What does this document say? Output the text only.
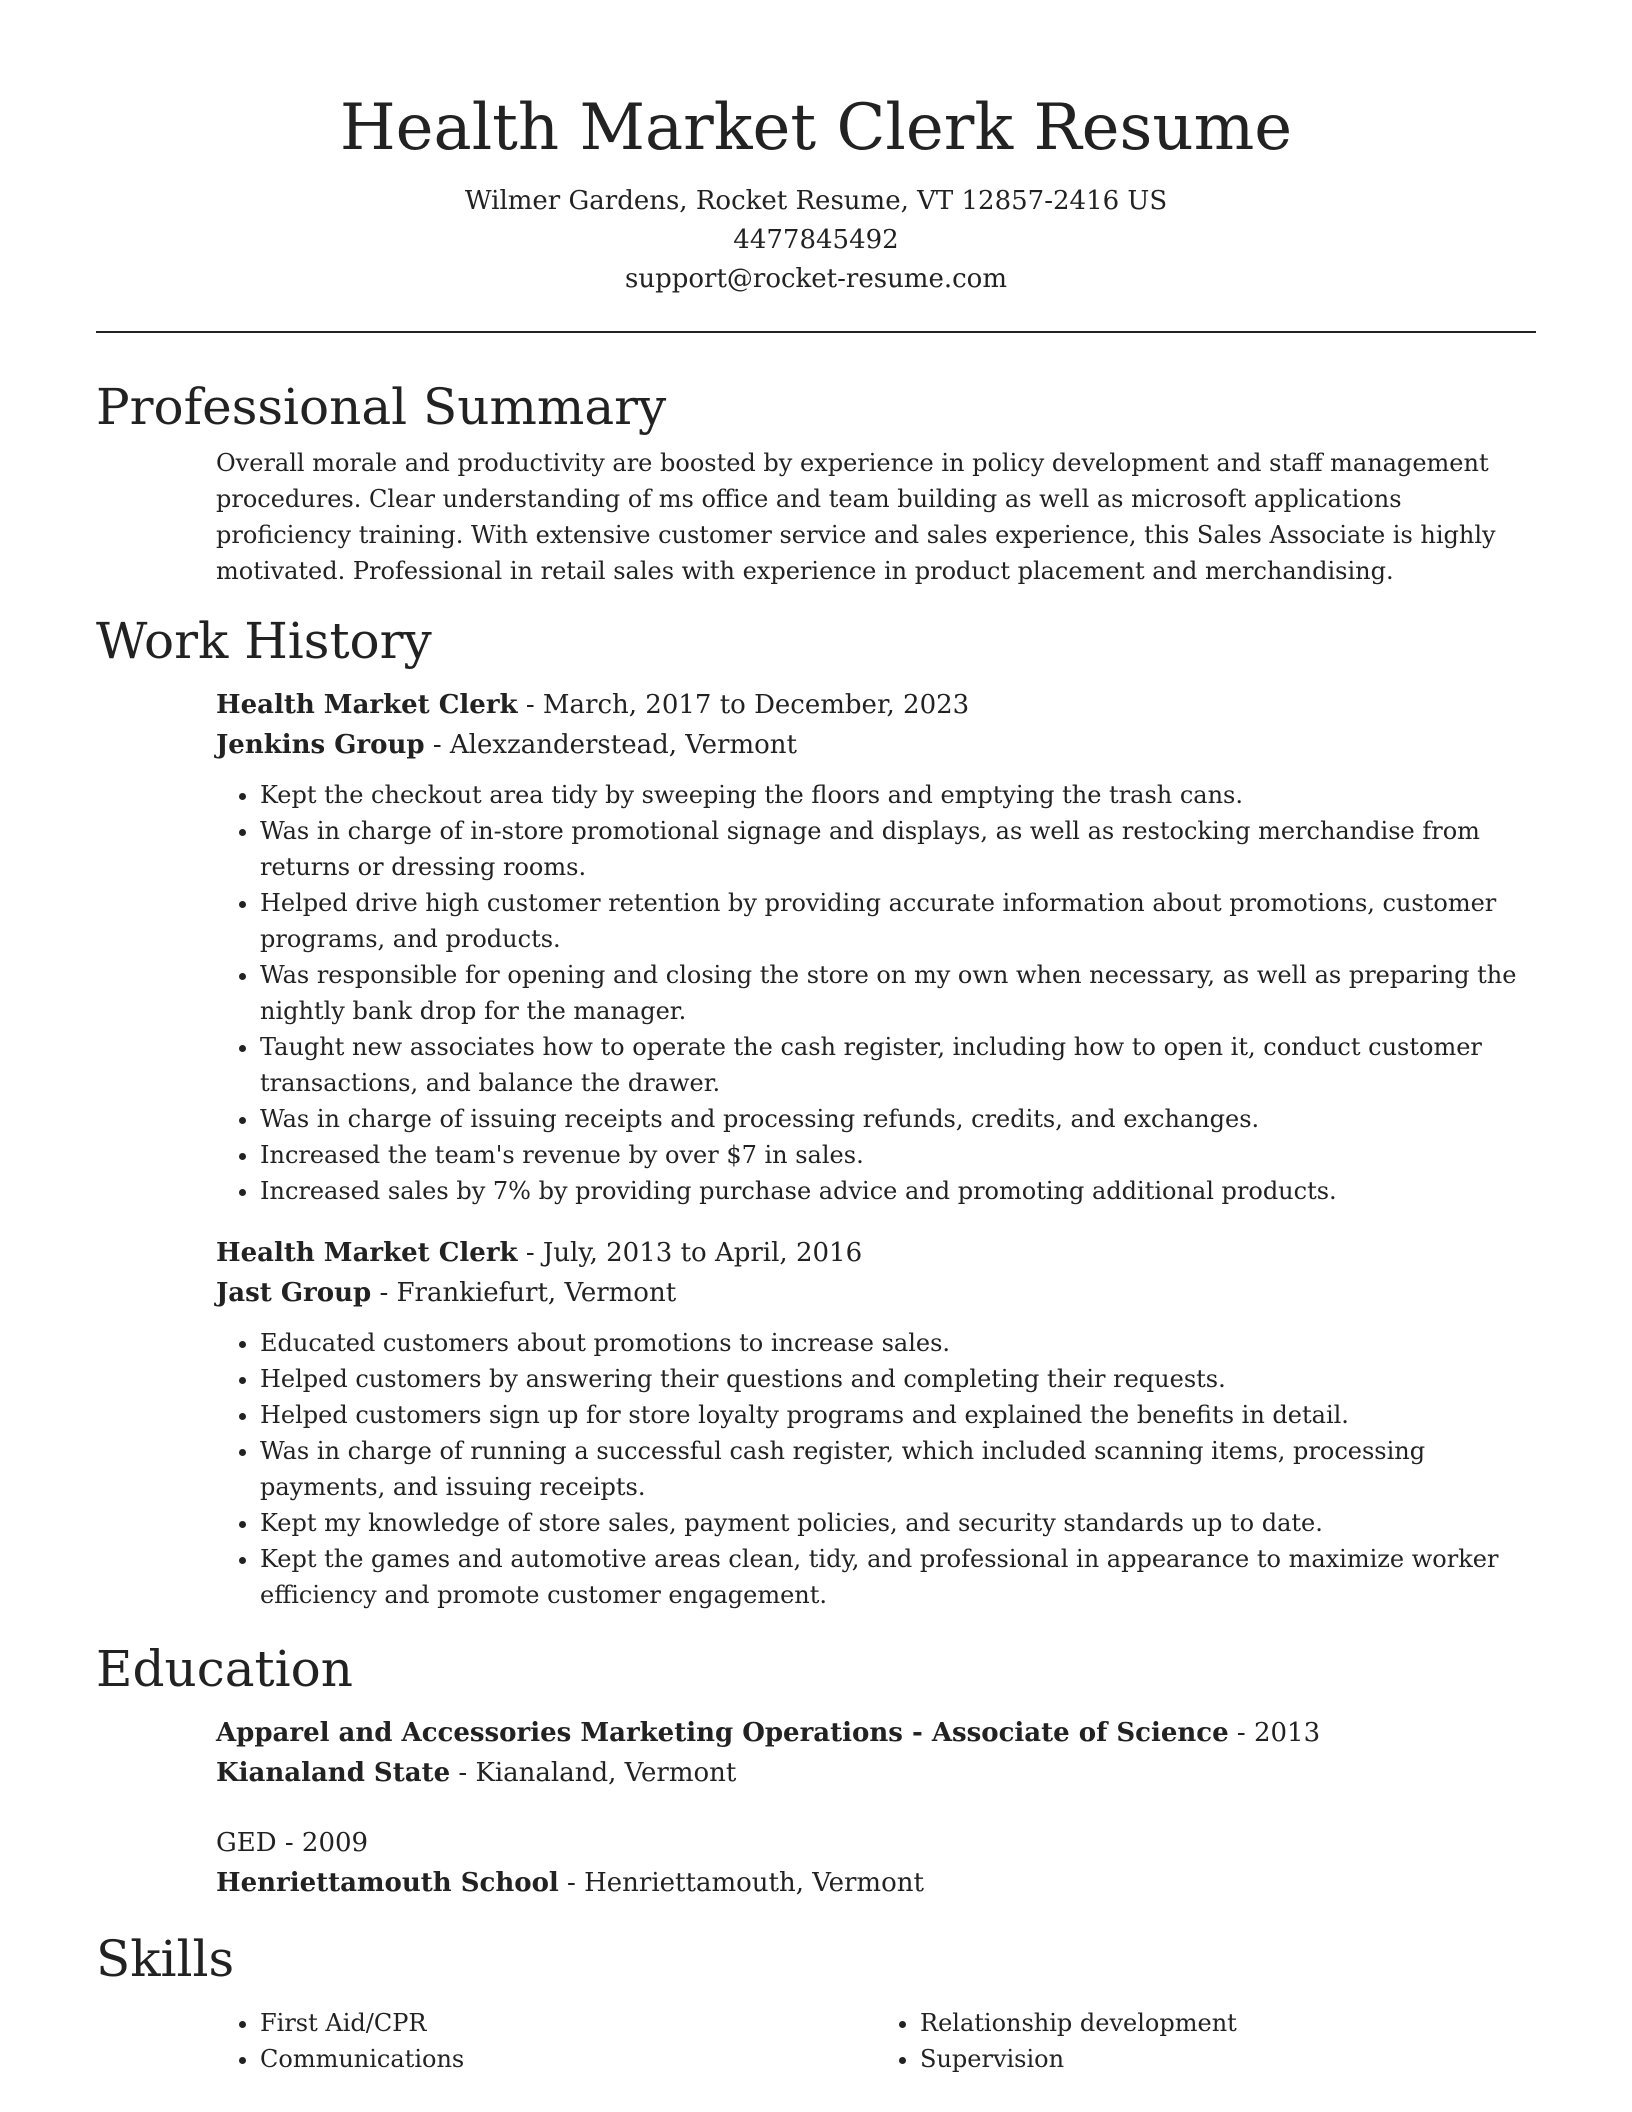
Health Market Clerk Resume

Wilmer Gardens, Rocket Resume, VT 12857-2416 US

4477845492

support@rocket-resume.com

Professional Summary

Overall morale and productivity are boosted by experience in policy development and staff management procedures. Clear understanding of ms office and team building as well as microsoft applications proficiency training. With extensive customer service and sales experience, this Sales Associate is highly motivated. Professional in retail sales with experience in product placement and merchandising.

Work History

Health Market Clerk - March, 2017 to December, 2023

Jenkins Group - Alexzanderstead, Vermont

• Kept the checkout area tidy by sweeping the floors and emptying the trash cans.
• Was in charge of in-store promotional signage and displays, as well as restocking merchandise from returns or dressing rooms.
• Helped drive high customer retention by providing accurate information about promotions, customer programs, and products.
• Was responsible for opening and closing the store on my own when necessary, as well as preparing the nightly bank drop for the manager.
• Taught new associates how to operate the cash register, including how to open it, conduct customer transactions, and balance the drawer.
• Was in charge of issuing receipts and processing refunds, credits, and exchanges.
• Increased the team's revenue by over $7 in sales.
• Increased sales by 7% by providing purchase advice and promoting additional products.

Health Market Clerk - July, 2013 to April, 2016

Jast Group - Frankiefurt, Vermont

• Educated customers about promotions to increase sales.
• Helped customers by answering their questions and completing their requests.
• Helped customers sign up for store loyalty programs and explained the benefits in detail.
• Was in charge of running a successful cash register, which included scanning items, processing payments, and issuing receipts.
• Kept my knowledge of store sales, payment policies, and security standards up to date.
• Kept the games and automotive areas clean, tidy, and professional in appearance to maximize worker efficiency and promote customer engagement.
Education

Apparel and Accessories Marketing Operations - Associate of Science - 2013

Kianaland State - Kianaland, Vermont

GED - 2009

Henriettamouth School - Henriettamouth, Vermont

Skills
• First Aid/CPR
• Communications
• Relationship development
• Supervision
